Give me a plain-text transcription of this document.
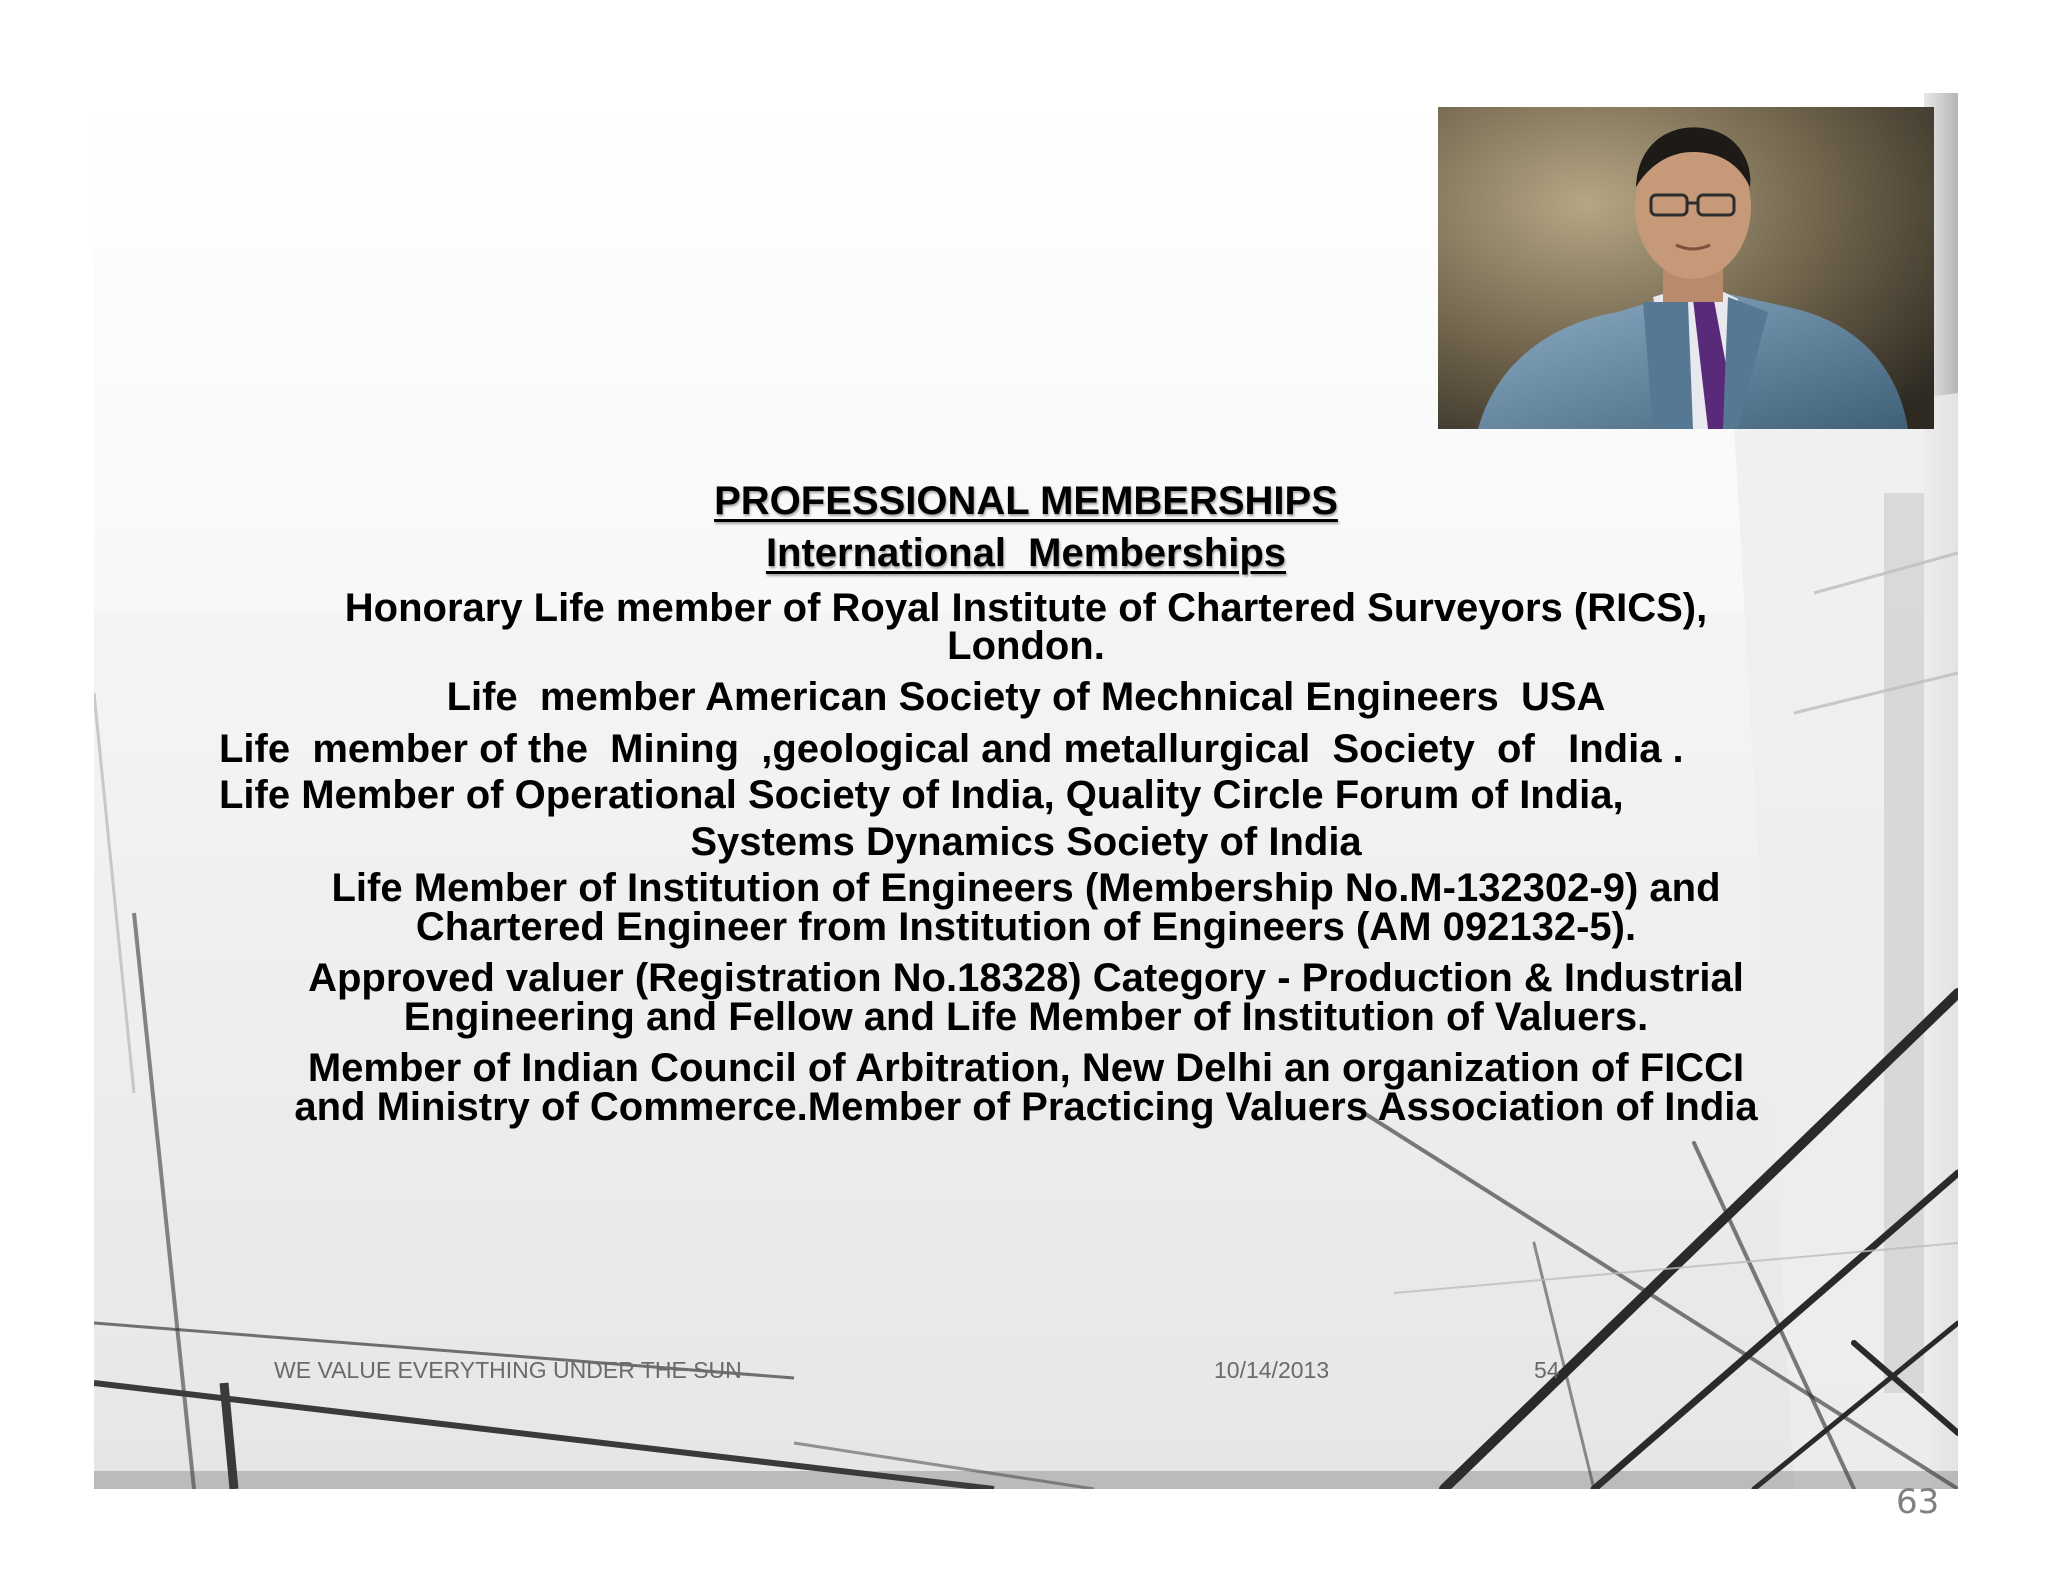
PROFESSIONAL MEMBERSHIPS

International  Memberships

Honorary Life member of Royal Institute of Chartered Surveyors (RICS),

London.

Life  member American Society of Mechnical Engineers  USA

Life  member of the  Mining  ,geological and metallurgical  Society  of   India .

Life Member of Operational Society of India, Quality Circle Forum of India,

Systems Dynamics Society of India

Life Member of Institution of Engineers (Membership No.M-132302-9) and

Chartered Engineer from Institution of Engineers (AM 092132-5).

Approved valuer (Registration No.18328) Category - Production & Industrial

Engineering and Fellow and Life Member of Institution of Valuers.

Member of Indian Council of Arbitration, New Delhi an organization of FICCI

and Ministry of Commerce.Member of Practicing Valuers Association of India

WE VALUE EVERYTHING UNDER THE SUN	10/14/2013	54
63
